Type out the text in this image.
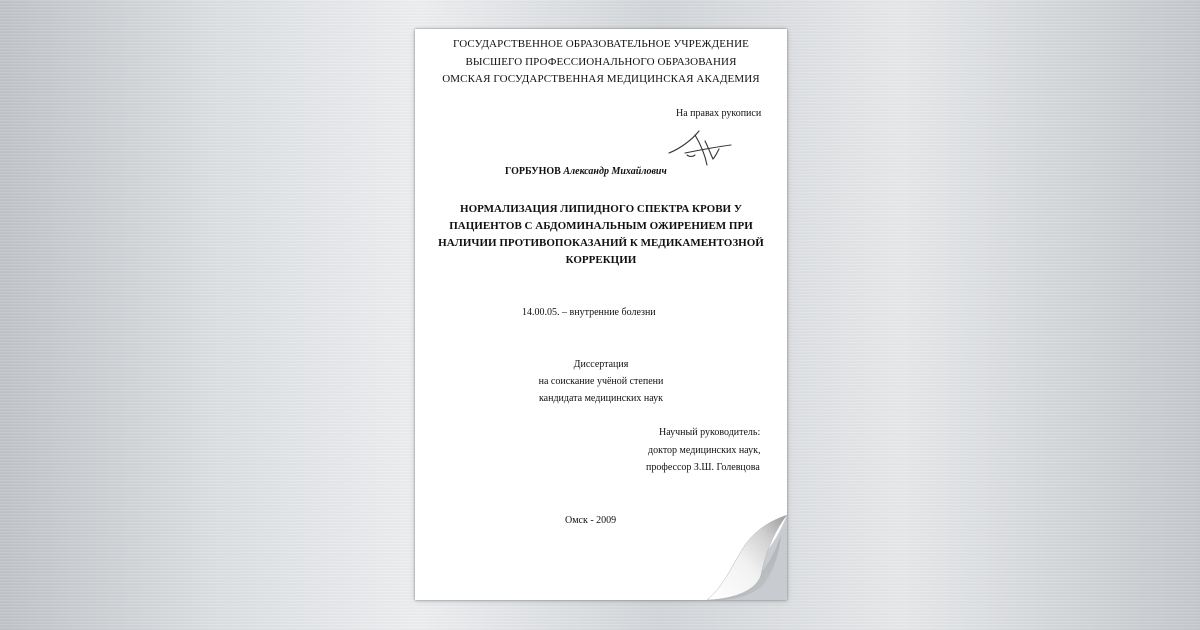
ГОСУДАРСТВЕННОЕ ОБРАЗОВАТЕЛЬНОЕ УЧРЕЖДЕНИЕ
ВЫСШЕГО ПРОФЕССИОНАЛЬНОГО ОБРАЗОВАНИЯ
ОМСКАЯ ГОСУДАРСТВЕННАЯ МЕДИЦИНСКАЯ АКАДЕМИЯ
На правах рукописи
ГОРБУНОВ Александр Михайлович
НОРМАЛИЗАЦИЯ ЛИПИДНОГО СПЕКТРА КРОВИ У
ПАЦИЕНТОВ С АБДОМИНАЛЬНЫМ ОЖИРЕНИЕМ ПРИ
НАЛИЧИИ ПРОТИВОПОКАЗАНИЙ К МЕДИКАМЕНТОЗНОЙ
КОРРЕКЦИИ
14.00.05. – внутренние болезни
Диссертация
на соискание учёной степени
кандидата медицинских наук
Научный руководитель:
доктор медицинских наук,
профессор З.Ш. Голевцова
Омск - 2009
